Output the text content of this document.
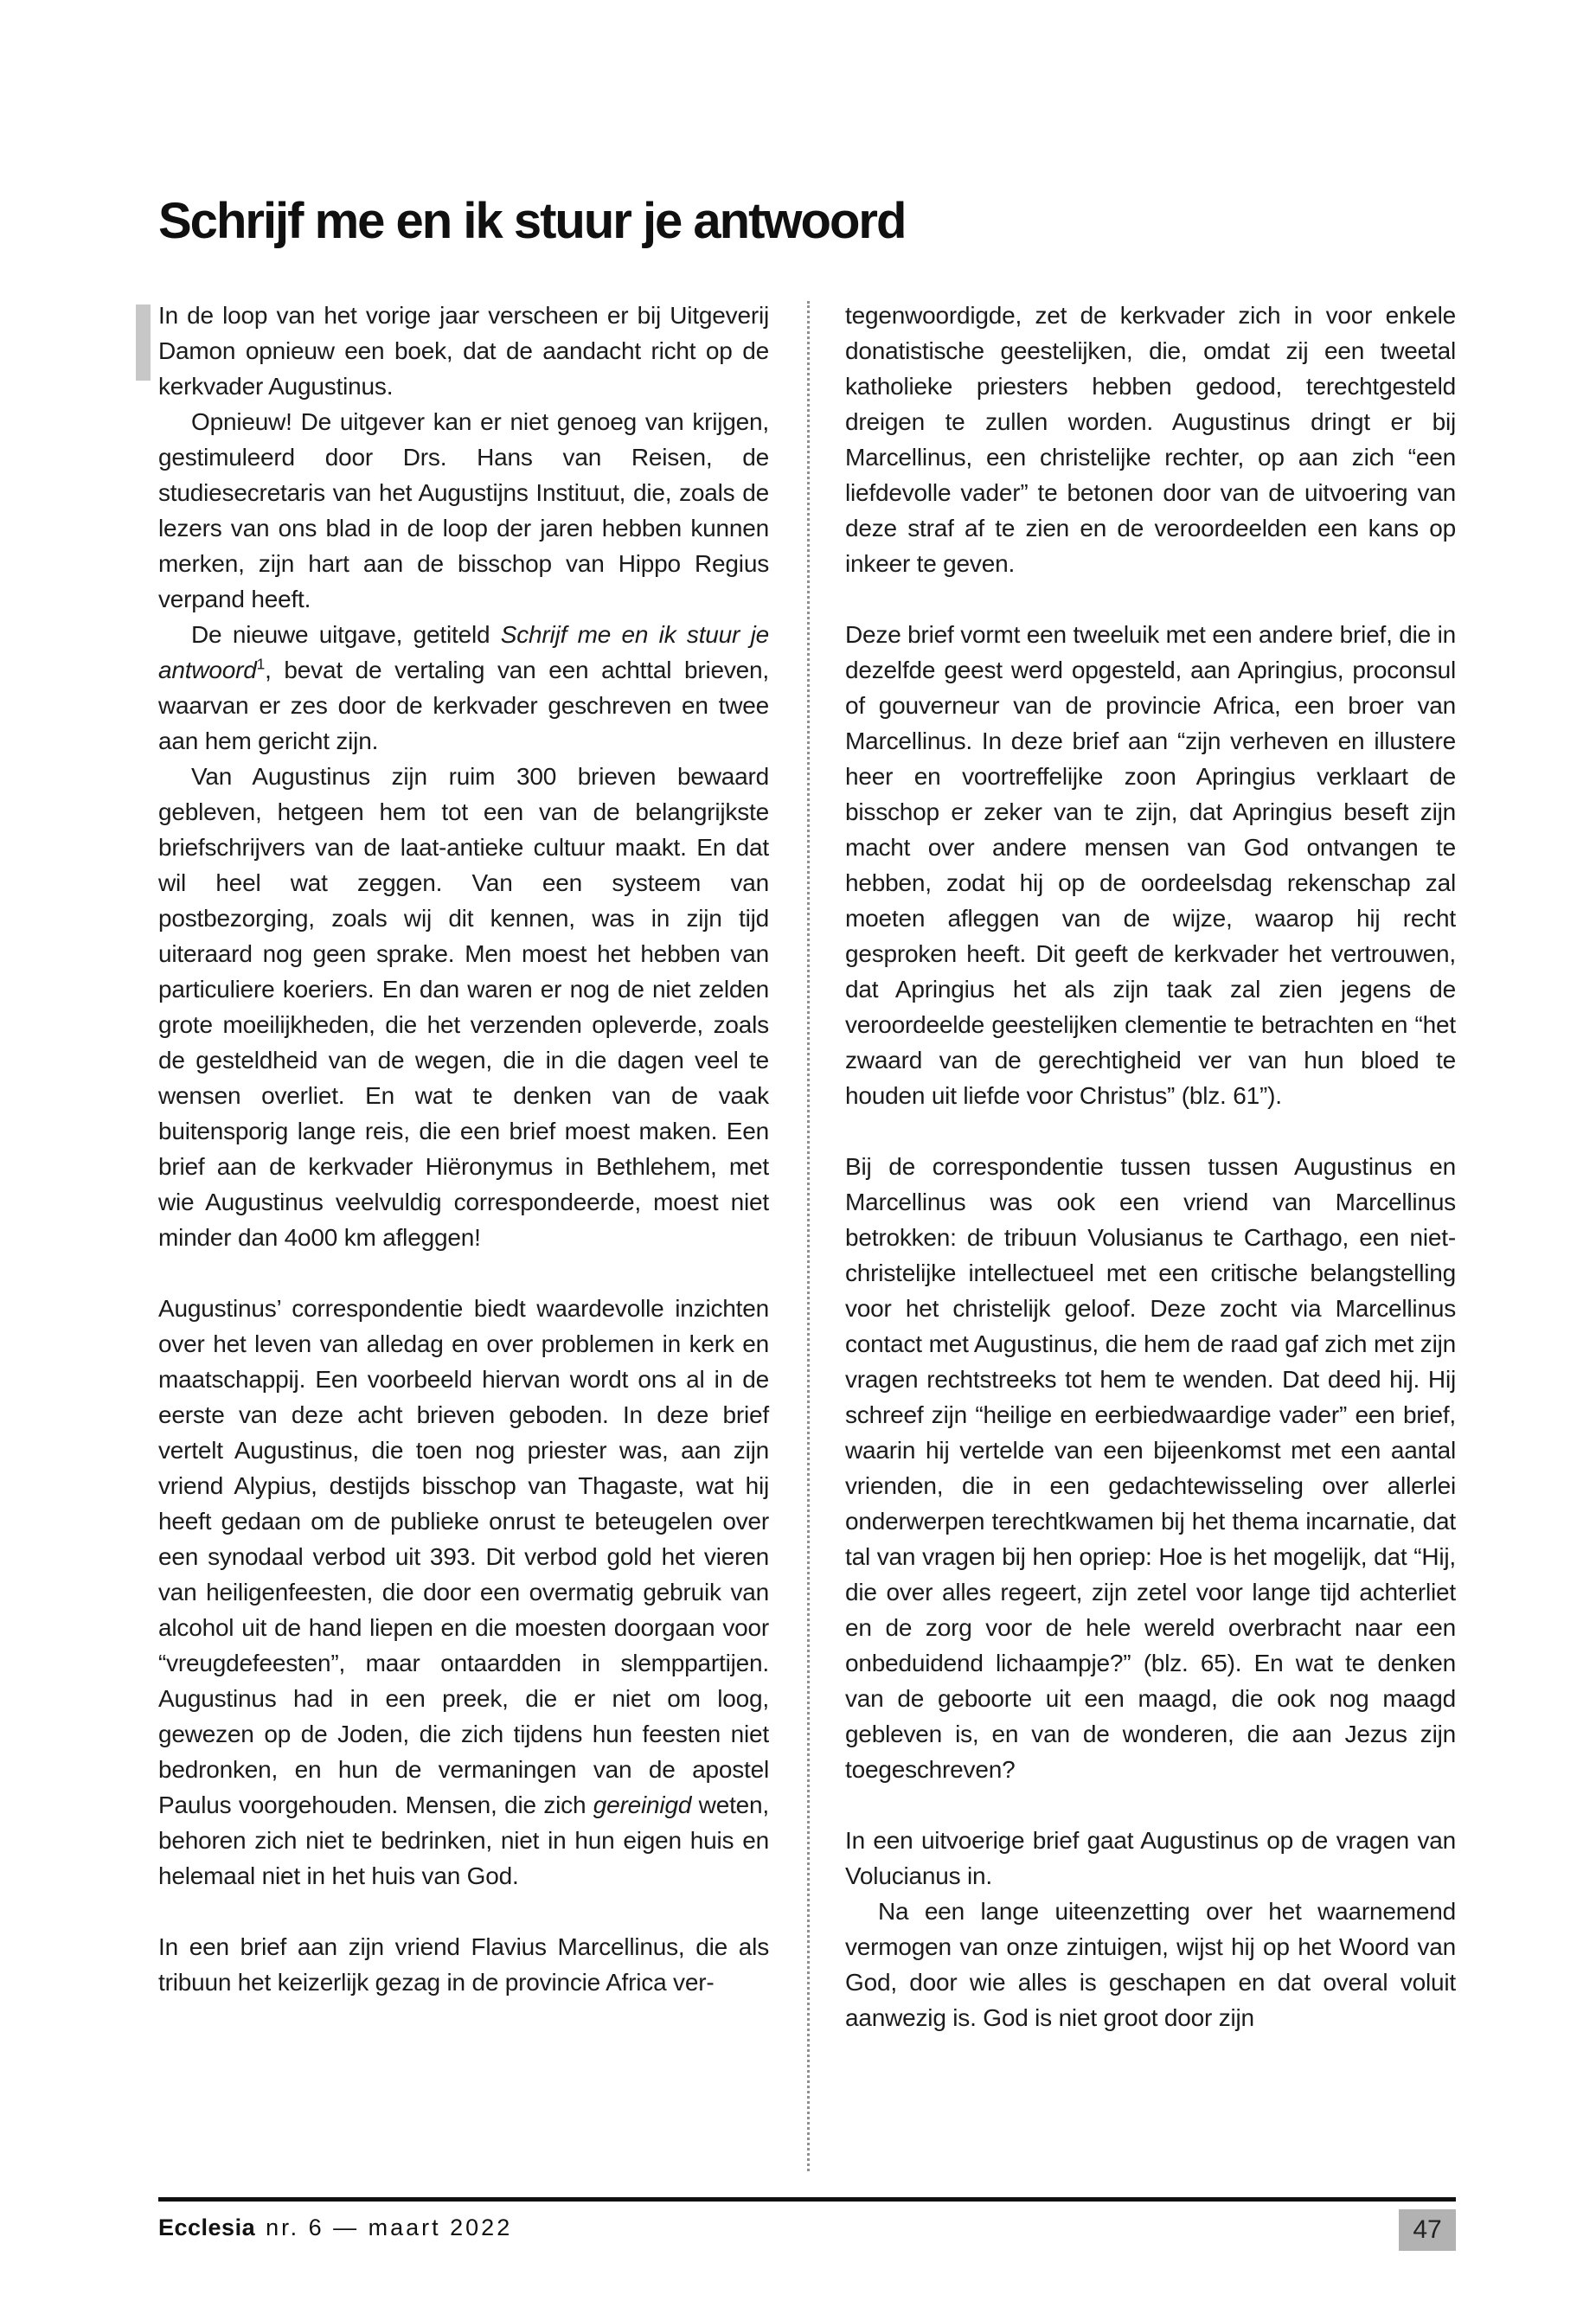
Schrijf me en ik stuur je antwoord

In de loop van het vorige jaar verscheen er bij Uitgeverij Damon opnieuw een boek, dat de aandacht richt op de kerkvader Augustinus.

Opnieuw! De uitgever kan er niet genoeg van krijgen, gestimuleerd door Drs. Hans van Reisen, de studiesecretaris van het Augustijns Instituut, die, zoals de lezers van ons blad in de loop der jaren hebben kunnen merken, zijn hart aan de bisschop van Hippo Regius verpand heeft.

De nieuwe uitgave, getiteld Schrijf me en ik stuur je antwoord$^1$, bevat de vertaling van een achttal brieven, waarvan er zes door de kerkvader geschreven en twee aan hem gericht zijn.

Van Augustinus zijn ruim 300 brieven bewaard gebleven, hetgeen hem tot een van de belangrijkste briefschrijvers van de laat-antieke cultuur maakt. En dat wil heel wat zeggen. Van een systeem van postbezorging, zoals wij dit kennen, was in zijn tijd uiteraard nog geen sprake. Men moest het hebben van particuliere koeriers. En dan waren er nog de niet zelden grote moeilijkheden, die het verzenden opleverde, zoals de gesteldheid van de wegen, die in die dagen veel te wensen overliet. En wat te denken van de vaak buitensporig lange reis, die een brief moest maken. Een brief aan de kerkvader Hiëronymus in Bethlehem, met wie Augustinus veelvuldig correspondeerde, moest niet minder dan 4o00 km afleggen!

Augustinus’ correspondentie biedt waardevolle inzichten over het leven van alledag en over problemen in kerk en maatschappij. Een voorbeeld hiervan wordt ons al in de eerste van deze acht brieven geboden. In deze brief vertelt Augustinus, die toen nog priester was, aan zijn vriend Alypius, destijds bisschop van Thagaste, wat hij heeft gedaan om de publieke onrust te beteugelen over een synodaal verbod uit 393. Dit verbod gold het vieren van heiligenfeesten, die door een overmatig gebruik van alcohol uit de hand liepen en die moesten doorgaan voor “vreugdefeesten”, maar ontaardden in slemppartijen. Augustinus had in een preek, die er niet om loog, gewezen op de Joden, die zich tijdens hun feesten niet bedronken, en hun de vermaningen van de apostel Paulus voorgehouden. Mensen, die zich gereinigd weten, behoren zich niet te bedrinken, niet in hun eigen huis en helemaal niet in het huis van God.

In een brief aan zijn vriend Flavius Marcellinus, die als tribuun het keizerlijk gezag in de provincie Africa ver-

tegenwoordigde, zet de kerkvader zich in voor enkele donatistische geestelijken, die, omdat zij een tweetal katholieke priesters hebben gedood, terechtgesteld dreigen te zullen worden. Augustinus dringt er bij Marcellinus, een christelijke rechter, op aan zich “een liefdevolle vader” te betonen door van de uitvoering van deze straf af te zien en de veroordeelden een kans op inkeer te geven.

Deze brief vormt een tweeluik met een andere brief, die in dezelfde geest werd opgesteld, aan Apringius, proconsul of gouverneur van de provincie Africa, een broer van Marcellinus. In deze brief aan “zijn verheven en illustere heer en voortreffelijke zoon Apringius verklaart de bisschop er zeker van te zijn, dat Apringius beseft zijn macht over andere mensen van God ontvangen te hebben, zodat hij op de oordeelsdag rekenschap zal moeten afleggen van de wijze, waarop hij recht gesproken heeft. Dit geeft de kerkvader het vertrouwen, dat Apringius het als zijn taak zal zien jegens de veroordeelde geestelijken clementie te betrachten en “het zwaard van de gerechtigheid ver van hun bloed te houden uit liefde voor Christus” (blz. 61”).

Bij de correspondentie tussen tussen Augustinus en Marcellinus was ook een vriend van Marcellinus betrokken: de tribuun Volusianus te Carthago, een niet-christelijke intellectueel met een critische belangstelling voor het christelijk geloof. Deze zocht via Marcellinus contact met Augustinus, die hem de raad gaf zich met zijn vragen rechtstreeks tot hem te wenden. Dat deed hij. Hij schreef zijn “heilige en eerbiedwaardige vader” een brief, waarin hij vertelde van een bijeenkomst met een aantal vrienden, die in een gedachtewisseling over allerlei onderwerpen terechtkwamen bij het thema incarnatie, dat tal van vragen bij hen opriep: Hoe is het mogelijk, dat “Hij, die over alles regeert, zijn zetel voor lange tijd achterliet en de zorg voor de hele wereld overbracht naar een onbeduidend lichaampje?” (blz. 65). En wat te denken van de geboorte uit een maagd, die ook nog maagd gebleven is, en van de wonderen, die aan Jezus zijn toegeschreven?

In een uitvoerige brief gaat Augustinus op de vragen van Volucianus in.

Na een lange uiteenzetting over het waarnemend vermogen van onze zintuigen, wijst hij op het Woord van God, door wie alles is geschapen en dat overal voluit aanwezig is. God is niet groot door zijn

Ecclesia nr. 6 — maart 2022	47
